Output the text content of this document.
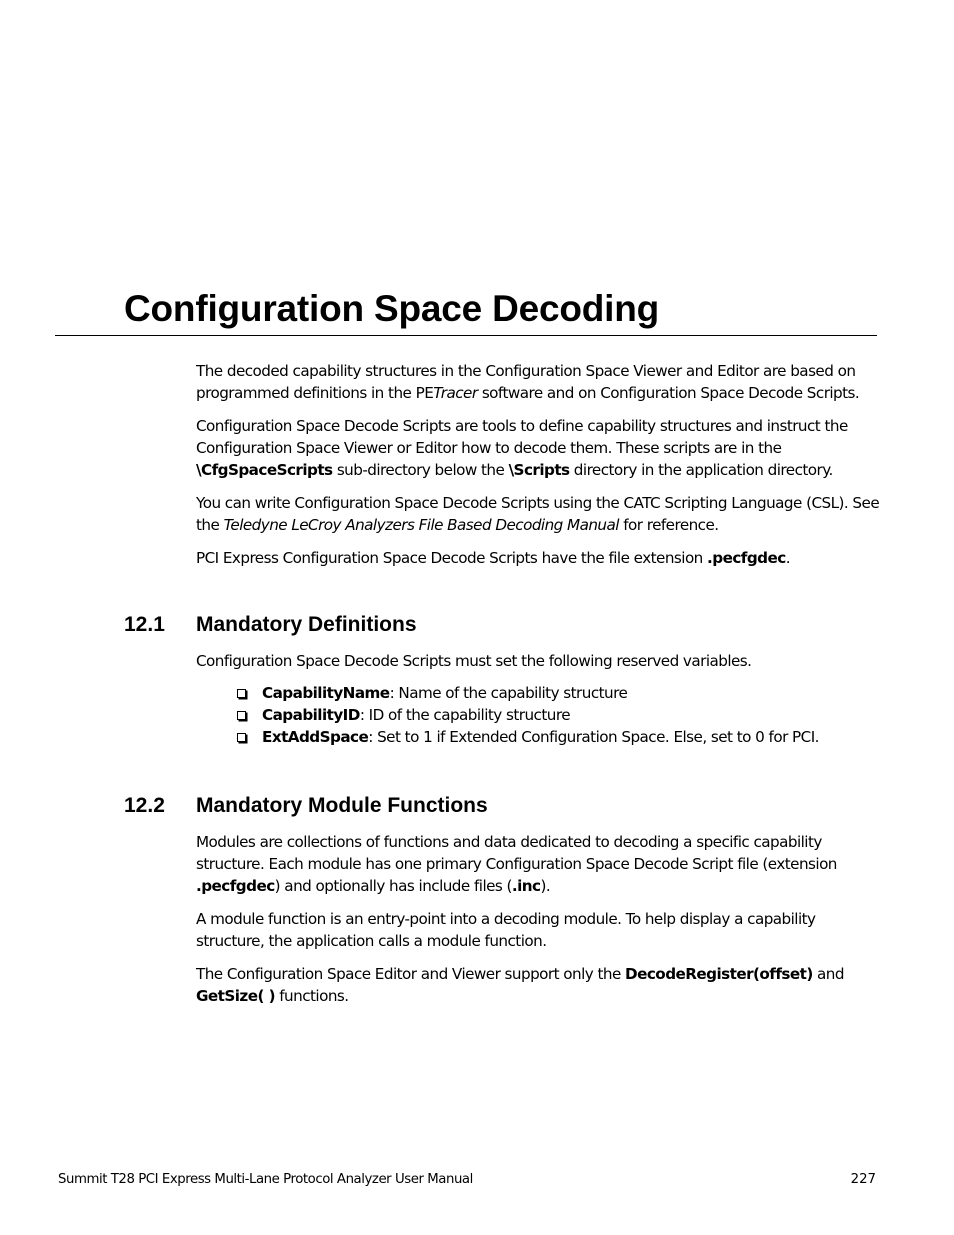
Configuration Space Decoding

The decoded capability structures in the Configuration Space Viewer and Editor are based on programmed definitions in the PETracer software and on Configuration Space Decode Scripts.

Configuration Space Decode Scripts are tools to define capability structures and instruct the Configuration Space Viewer or Editor how to decode them. These scripts are in the \CfgSpaceScripts sub-directory below the \Scripts directory in the application directory.

You can write Configuration Space Decode Scripts using the CATC Scripting Language (CSL). See the Teledyne LeCroy Analyzers File Based Decoding Manual for reference.

PCI Express Configuration Space Decode Scripts have the file extension .pecfgdec.

12.1 Mandatory Definitions

Configuration Space Decode Scripts must set the following reserved variables.

CapabilityName: Name of the capability structure
CapabilityID: ID of the capability structure
ExtAddSpace: Set to 1 if Extended Configuration Space. Else, set to 0 for PCI.
12.2 Mandatory Module Functions

Modules are collections of functions and data dedicated to decoding a specific capability structure. Each module has one primary Configuration Space Decode Script file (extension .pecfgdec) and optionally has include files (.inc).

A module function is an entry-point into a decoding module. To help display a capability structure, the application calls a module function.

The Configuration Space Editor and Viewer support only the DecodeRegister(offset) and GetSize( ) functions.

Summit T28 PCI Express Multi-Lane Protocol Analyzer User Manual	227
